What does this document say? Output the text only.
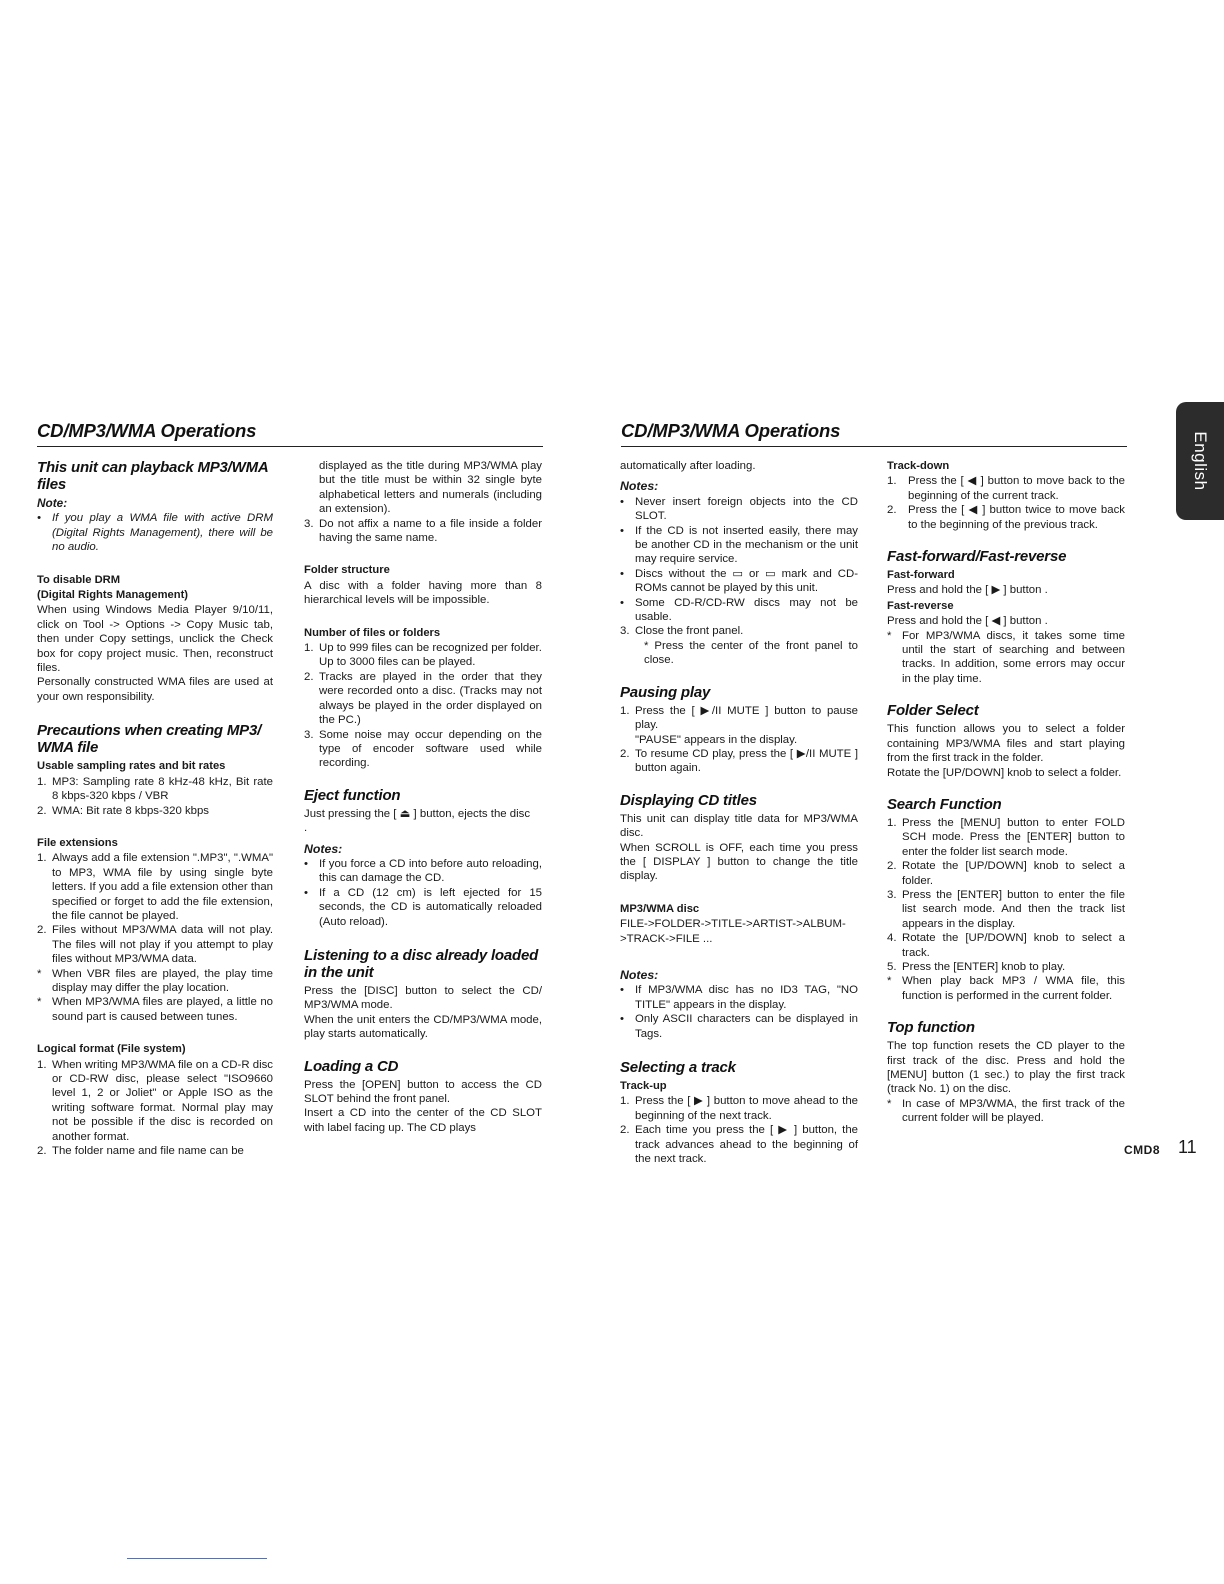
CD/MP3/WMA Operations	CD/MP3/WMA Operations
English
This unit can playback MP3/WMA files
Note:
• If you play a WMA file with active DRM (Digital Rights Management), there will be no audio.
To disable DRM
(Digital Rights Management)

When using Windows Media Player 9/10/11, click on Tool -> Options -> Copy Music tab, then under Copy settings, unclick the Check box for copy project music. Then, reconstruct files.

Personally constructed WMA files are used at your own responsibility.

Precautions when creating MP3/ WMA file
Usable sampling rates and bit rates
1. MP3: Sampling rate 8 kHz-48 kHz, Bit rate 8 kbps-320 kbps / VBR
2. WMA: Bit rate 8 kbps-320 kbps
File extensions
1. Always add a file extension ".MP3", ".WMA" to MP3, WMA file by using single byte letters. If you add a file extension other than specified or forget to add the file extension, the file cannot be played.
2. Files without MP3/WMA data will not play. The files will not play if you attempt to play files without MP3/WMA data.
* When VBR files are played, the play time display may differ the play location.
* When MP3/WMA files are played, a little no sound part is caused between tunes.
Logical format (File system)
1. When writing MP3/WMA file on a CD-R disc or CD-RW disc, please select "ISO9660 level 1, 2 or Joliet" or Apple ISO as the writing software format. Normal play may not be possible if the disc is recorded on another format.
2. The folder name and file name can be
displayed as the title during MP3/WMA play but the title must be within 32 single byte alphabetical letters and numerals (including an extension).
3. Do not affix a name to a file inside a folder having the same name.
Folder structure

A disc with a folder having more than 8 hierarchical levels will be impossible.

Number of files or folders
1. Up to 999 files can be recognized per folder.
Up to 3000 files can be played.
2. Tracks are played in the order that they were recorded onto a disc. (Tracks may not always be played in the order displayed on the PC.)
3. Some noise may occur depending on the type of encoder software used while recording.
Eject function

Just pressing the [ ⏏ ] button, ejects the disc

.

Notes:
• If you force a CD into before auto reloading, this can damage the CD.
• If a CD (12 cm) is left ejected for 15 seconds, the CD is automatically reloaded (Auto reload).
Listening to a disc already loaded in the unit

Press the [DISC] button to select the CD/ MP3/WMA mode.

When the unit enters the CD/MP3/WMA mode, play starts automatically.

Loading a CD

Press the [OPEN] button to access the CD SLOT behind the front panel.

Insert a CD into the center of the CD SLOT with label facing up. The CD plays

automatically after loading.

Notes:
• Never insert foreign objects into the CD SLOT.
• If the CD is not inserted easily, there may be another CD in the mechanism or the unit may require service.
• Discs without the ▭ or ▭ mark and CD-ROMs cannot be played by this unit.
• Some CD-R/CD-RW discs may not be usable.
3. Close the front panel.
* Press the center of the front panel to close.
Pausing play
1. Press the [ ▶/II MUTE ] button to pause play.
"PAUSE" appears in the display.
2. To resume CD play, press the [ ▶/II MUTE ] button again.
Displaying CD titles

This unit can display title data for MP3/WMA disc.

When SCROLL is OFF, each time you press the [ DISPLAY ] button to change the title display.

MP3/WMA disc

FILE->FOLDER->TITLE->ARTIST->ALBUM->TRACK->FILE ...

Notes:
• If MP3/WMA disc has no ID3 TAG, "NO TITLE" appears in the display.
• Only ASCII characters can be displayed in Tags.
Selecting a track
Track-up
1. Press the [ ▶ ] button to move ahead to the beginning of the next track.
2. Each time you press the [ ▶ ] button, the track advances ahead to the beginning of the next track.
Track-down
1. Press the [ ◀ ] button to move back to the beginning of the current track.
2. Press the [ ◀ ] button twice to move back to the beginning of the previous track.
Fast-forward/Fast-reverse
Fast-forward

Press and hold the [ ▶ ] button .

Fast-reverse

Press and hold the [ ◀ ] button .

* For MP3/WMA discs, it takes some time until the start of searching and between tracks. In addition, some errors may occur in the play time.
Folder Select

This function allows you to select a folder containing MP3/WMA files and start playing from the first track in the folder.

Rotate the [UP/DOWN] knob to select a folder.

Search Function
1. Press the [MENU] button to enter FOLD SCH mode. Press the [ENTER] button to enter the folder list search mode.
2. Rotate the [UP/DOWN] knob to select a folder.
3. Press the [ENTER] button to enter the file list search mode. And then the track list appears in the display.
4. Rotate the [UP/DOWN] knob to select a track.
5. Press the [ENTER] knob to play.
* When play back MP3 / WMA file, this function is performed in the current folder.
Top function

The top function resets the CD player to the first track of the disc. Press and hold the [MENU] button (1 sec.) to play the first track (track No. 1) on the disc.

* In case of MP3/WMA, the first track of the current folder will be played.
CMD8 11
